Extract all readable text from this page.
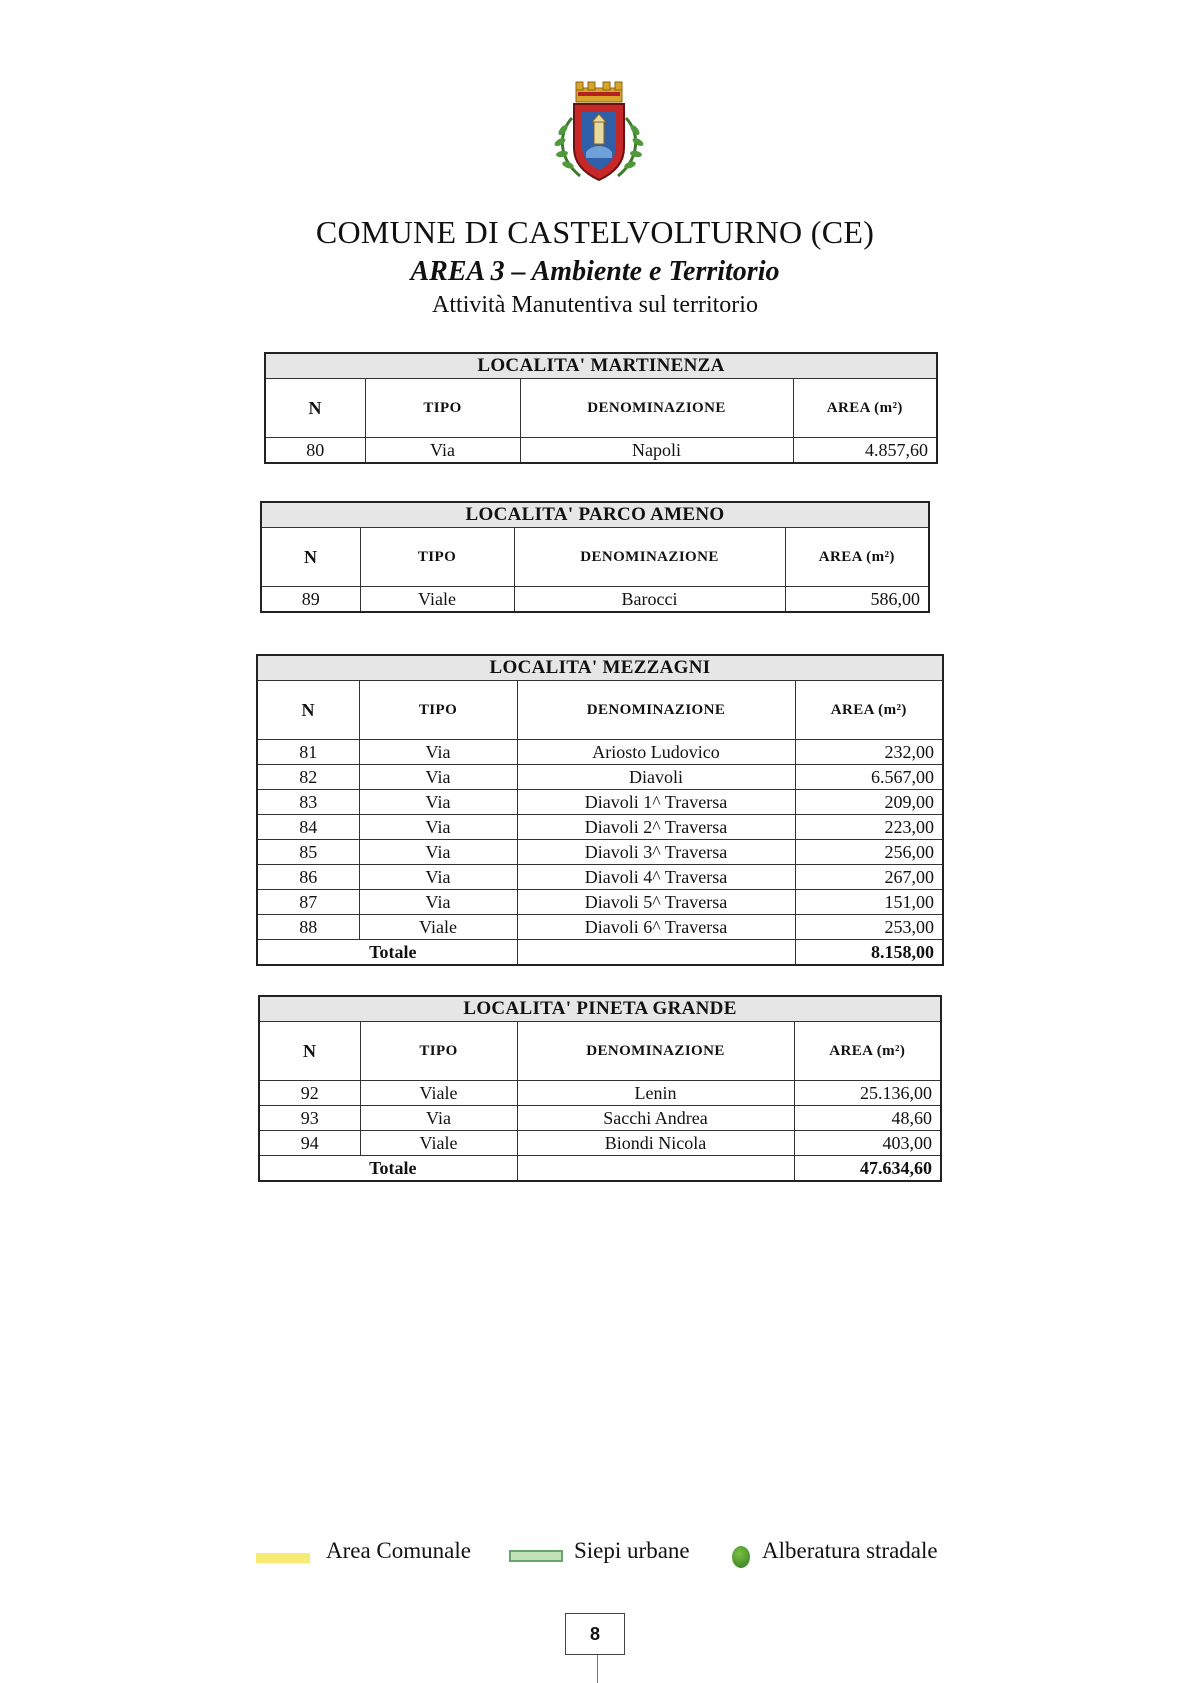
COMUNE DI CASTELVOLTURNO (CE)
AREA 3 – Ambiente e Territorio
Attività Manutentiva sul territorio
LOCALITA' MARTINENZA			
N	TIPO	DENOMINAZIONE	AREA (m²)
80	Via	Napoli	4.857,60
LOCALITA' PARCO AMENO			
N	TIPO	DENOMINAZIONE	AREA (m²)
89	Viale	Barocci	586,00
LOCALITA' MEZZAGNI			
N	TIPO	DENOMINAZIONE	AREA (m²)
81	Via	Ariosto Ludovico	232,00
82	Via	Diavoli	6.567,00
83	Via	Diavoli 1^ Traversa	209,00
84	Via	Diavoli 2^ Traversa	223,00
85	Via	Diavoli 3^ Traversa	256,00
86	Via	Diavoli 4^ Traversa	267,00
87	Via	Diavoli 5^ Traversa	151,00
88	Viale	Diavoli 6^ Traversa	253,00
Totale			8.158,00
LOCALITA' PINETA GRANDE			
N	TIPO	DENOMINAZIONE	AREA (m²)
92	Viale	Lenin	25.136,00
93	Via	Sacchi Andrea	48,60
94	Viale	Biondi Nicola	403,00
Totale			47.634,60
Area Comunale	Siepi urbane	Alberatura stradale
8
